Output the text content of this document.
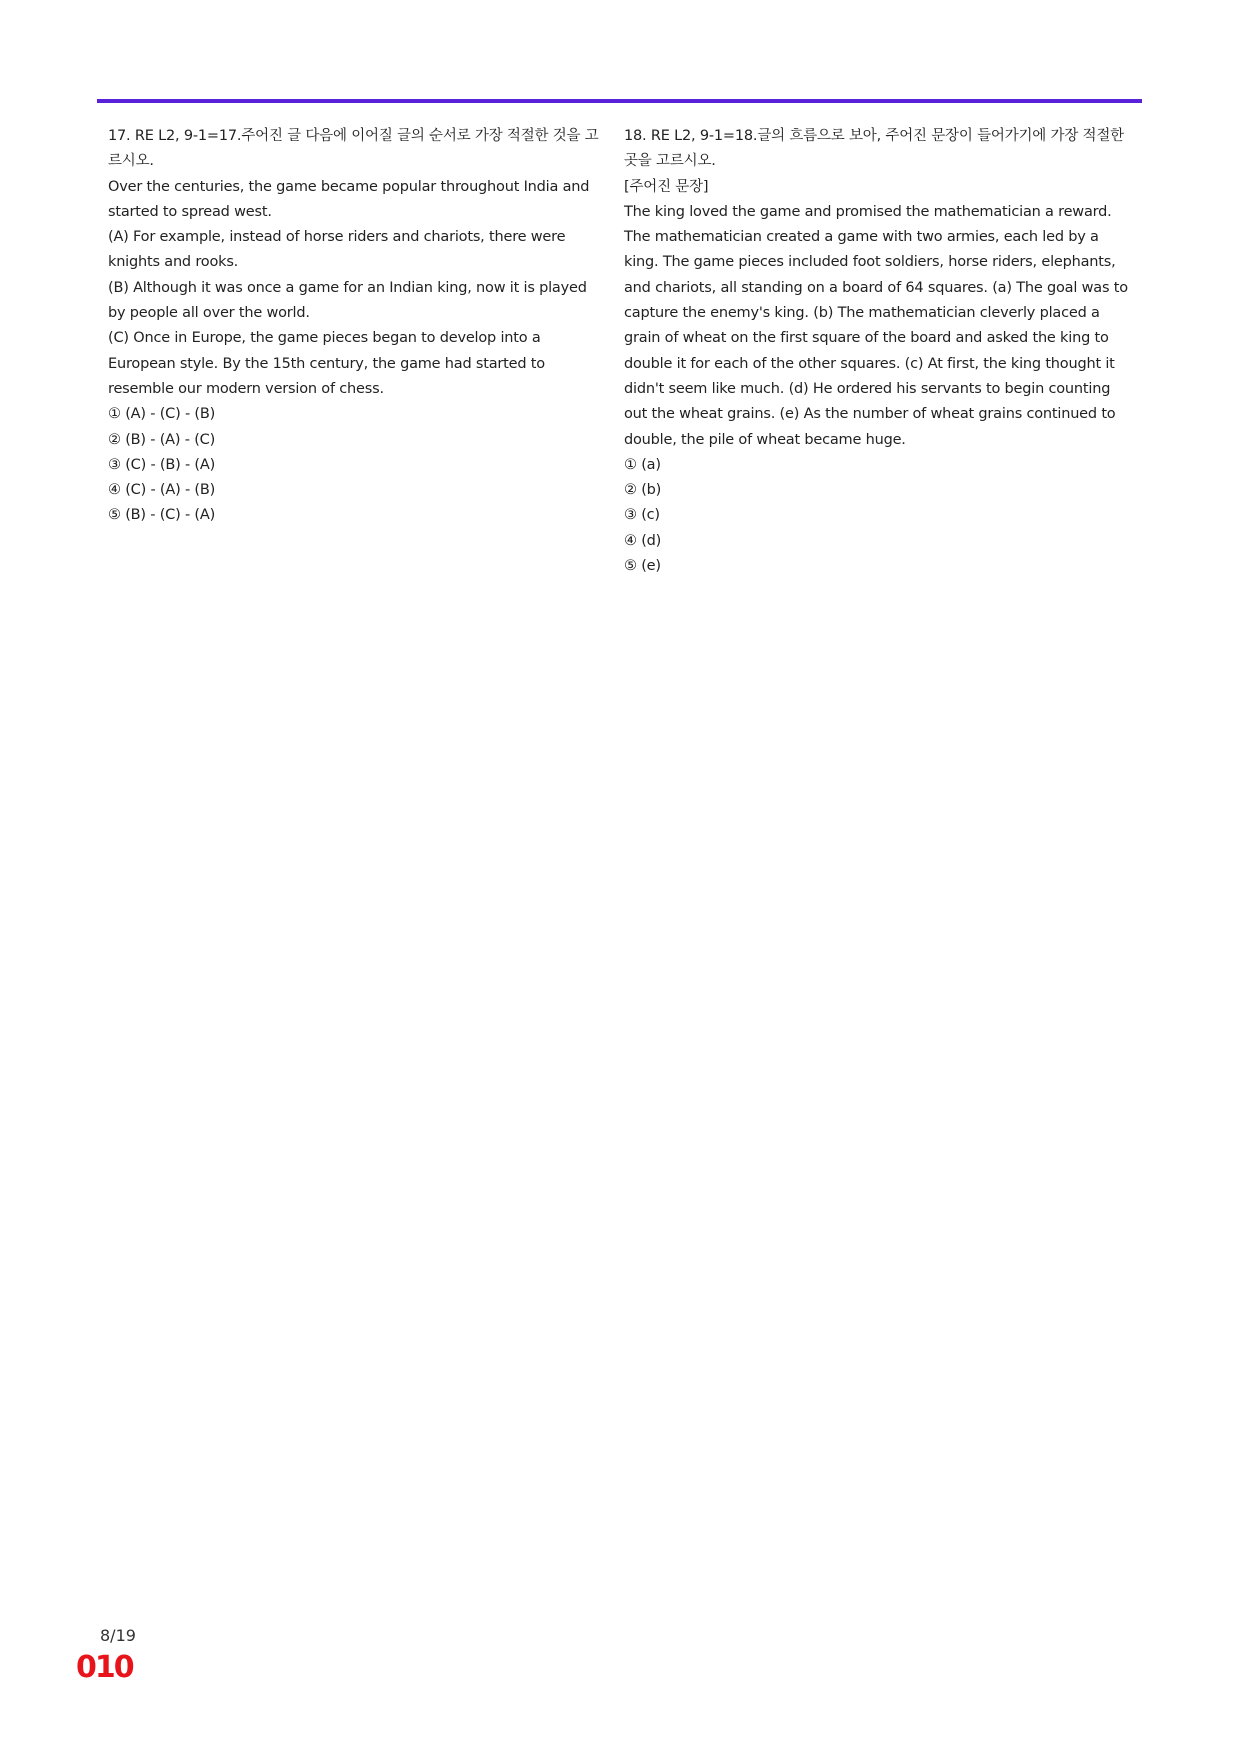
17. RE L2, 9-1=17.주어진 글 다음에 이어질 글의 순서로 가장 적절한 것을 고르시오.

Over the centuries, the game became popular throughout India and started to spread west.

(A) For example, instead of horse riders and chariots, there were knights and rooks.

(B) Although it was once a game for an Indian king, now it is played by people all over the world.

(C) Once in Europe, the game pieces began to develop into a European style. By the 15th century, the game had started to resemble our modern version of chess.

① (A) - (C) - (B)
② (B) - (A) - (C)
③ (C) - (B) - (A)
④ (C) - (A) - (B)
⑤ (B) - (C) - (A)

18. RE L2, 9-1=18.글의 흐름으로 보아, 주어진 문장이 들어가기에 가장 적절한 곳을 고르시오.

[주어진 문장]

The king loved the game and promised the mathematician a reward.

The mathematician created a game with two armies, each led by a king. The game pieces included foot soldiers, horse riders, elephants, and chariots, all standing on a board of 64 squares. (a) The goal was to capture the enemy's king. (b) The mathematician cleverly placed a grain of wheat on the first square of the board and asked the king to double it for each of the other squares. (c) At first, the king thought it didn't seem like much. (d) He ordered his servants to begin counting out the wheat grains. (e) As the number of wheat grains continued to double, the pile of wheat became huge.

① (a)
② (b)
③ (c)
④ (d)
⑤ (e)
8/19
010
